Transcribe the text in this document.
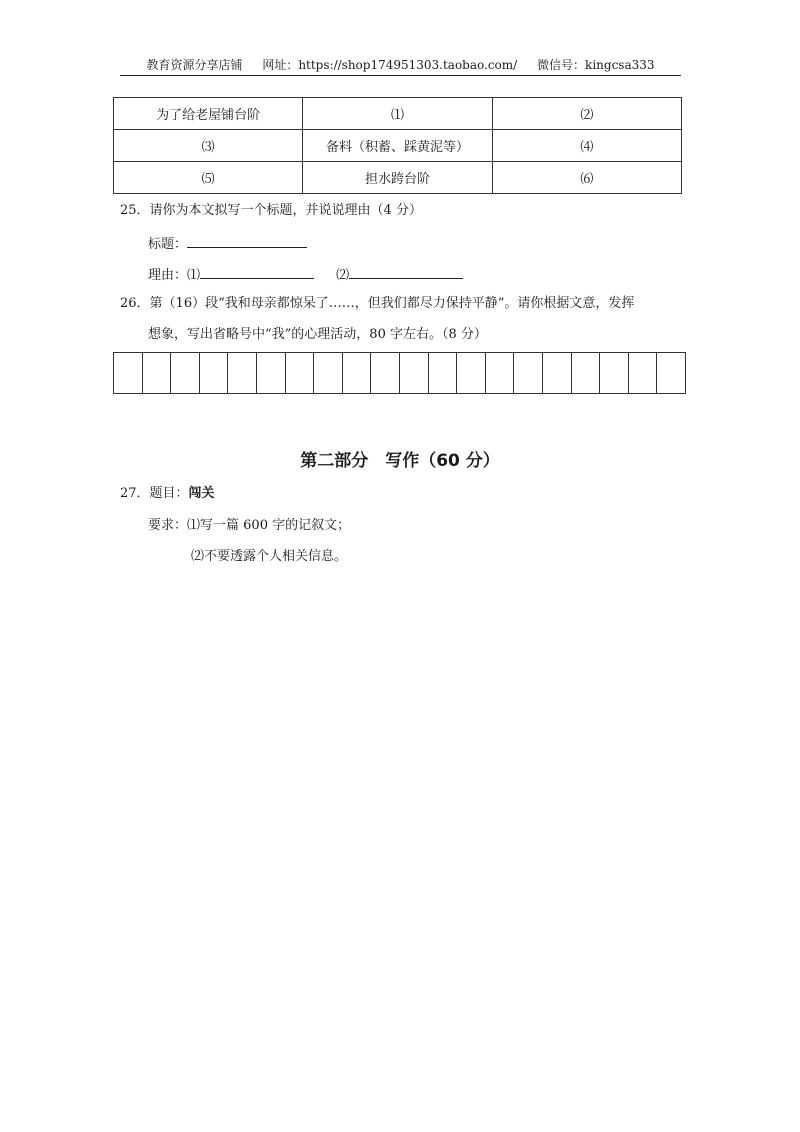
教育资源分享店铺 网址：https://shop174951303.taobao.com/ 微信号：kingcsa333
为了给老屋铺台阶	⑴	⑵
⑶	备料（积蓄、踩黄泥等）	⑷
⑸	担水跨台阶	⑹
25．请你为本文拟写一个标题，并说说理由（4 分）
标题：
理由：⑴	⑵
26．第（16）段“我和母亲都惊呆了……，但我们都尽力保持平静”。请你根据文意，发挥
想象，写出省略号中“我”的心理活动，80 字左右。（8 分）
第二部分　写作（60 分）
27．题目：闯关
要求：⑴写一篇 600 字的记叙文；
⑵不要透露个人相关信息。
